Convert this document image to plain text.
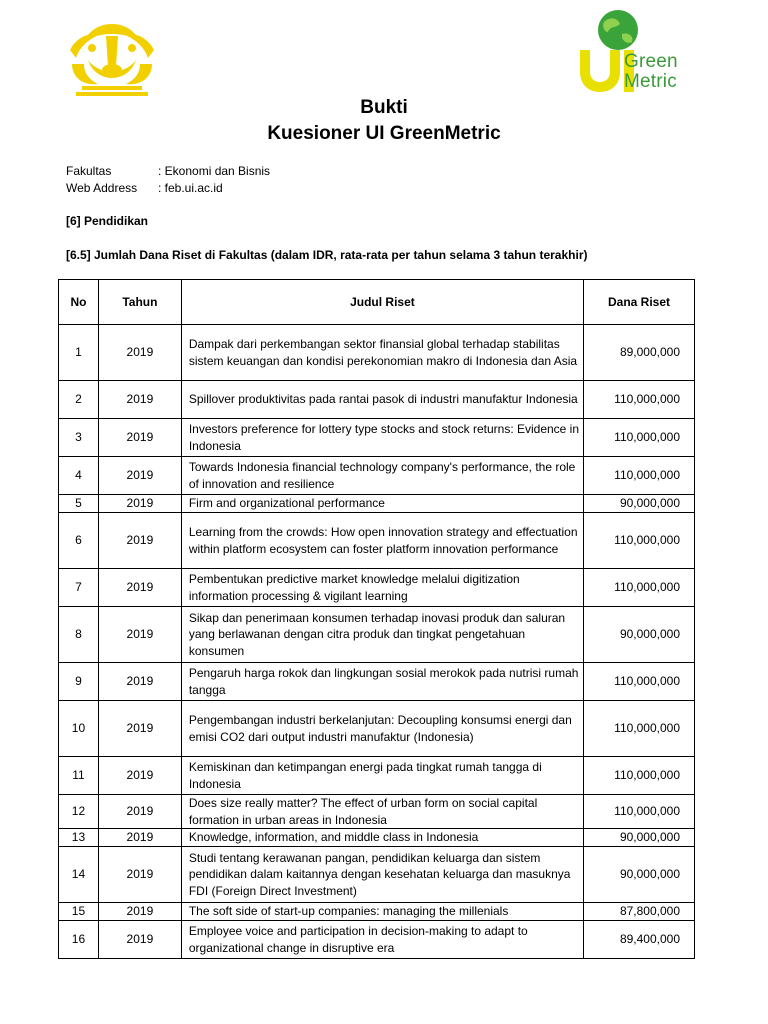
Green
Metric
Bukti
Kuesioner UI GreenMetric
Fakultas	: Ekonomi dan Bisnis
Web Address : feb.ui.ac.id
[6] Pendidikan
[6.5] Jumlah Dana Riset di Fakultas (dalam IDR, rata-rata per tahun selama 3 tahun terakhir)
No	Tahun	Judul Riset	Dana Riset
1	2019	Dampak dari perkembangan sektor finansial global terhadap stabilitas sistem keuangan dan kondisi perekonomian makro di Indonesia dan Asia	89,000,000
2	2019	Spillover produktivitas pada rantai pasok di industri manufaktur Indonesia	110,000,000
3	2019	Investors preference for lottery type stocks and stock returns: Evidence in Indonesia	110,000,000
4	2019	Towards Indonesia financial technology company's performance, the role of innovation and resilience	110,000,000
5	2019	Firm and organizational performance	90,000,000
6	2019	Learning from the crowds: How open innovation strategy and effectuation within platform ecosystem can foster platform innovation performance	110,000,000
7	2019	Pembentukan predictive market knowledge melalui digitization information processing & vigilant learning	110,000,000
8	2019	Sikap dan penerimaan konsumen terhadap inovasi produk dan saluran yang berlawanan dengan citra produk dan tingkat pengetahuan konsumen	90,000,000
9	2019	Pengaruh harga rokok dan lingkungan sosial merokok pada nutrisi rumah tangga	110,000,000
10	2019	Pengembangan industri berkelanjutan: Decoupling konsumsi energi dan emisi CO2 dari output industri manufaktur (Indonesia)	110,000,000
11	2019	Kemiskinan dan ketimpangan energi pada tingkat rumah tangga di Indonesia	110,000,000
12	2019	Does size really matter? The effect of urban form on social capital formation in urban areas in Indonesia	110,000,000
13	2019	Knowledge, information, and middle class in Indonesia	90,000,000
14	2019	Studi tentang kerawanan pangan, pendidikan keluarga dan sistem pendidikan dalam kaitannya dengan kesehatan keluarga dan masuknya FDI (Foreign Direct Investment)	90,000,000
15	2019	The soft side of start-up companies: managing the millenials	87,800,000
16	2019	Employee voice and participation in decision-making to adapt to organizational change in disruptive era	89,400,000
